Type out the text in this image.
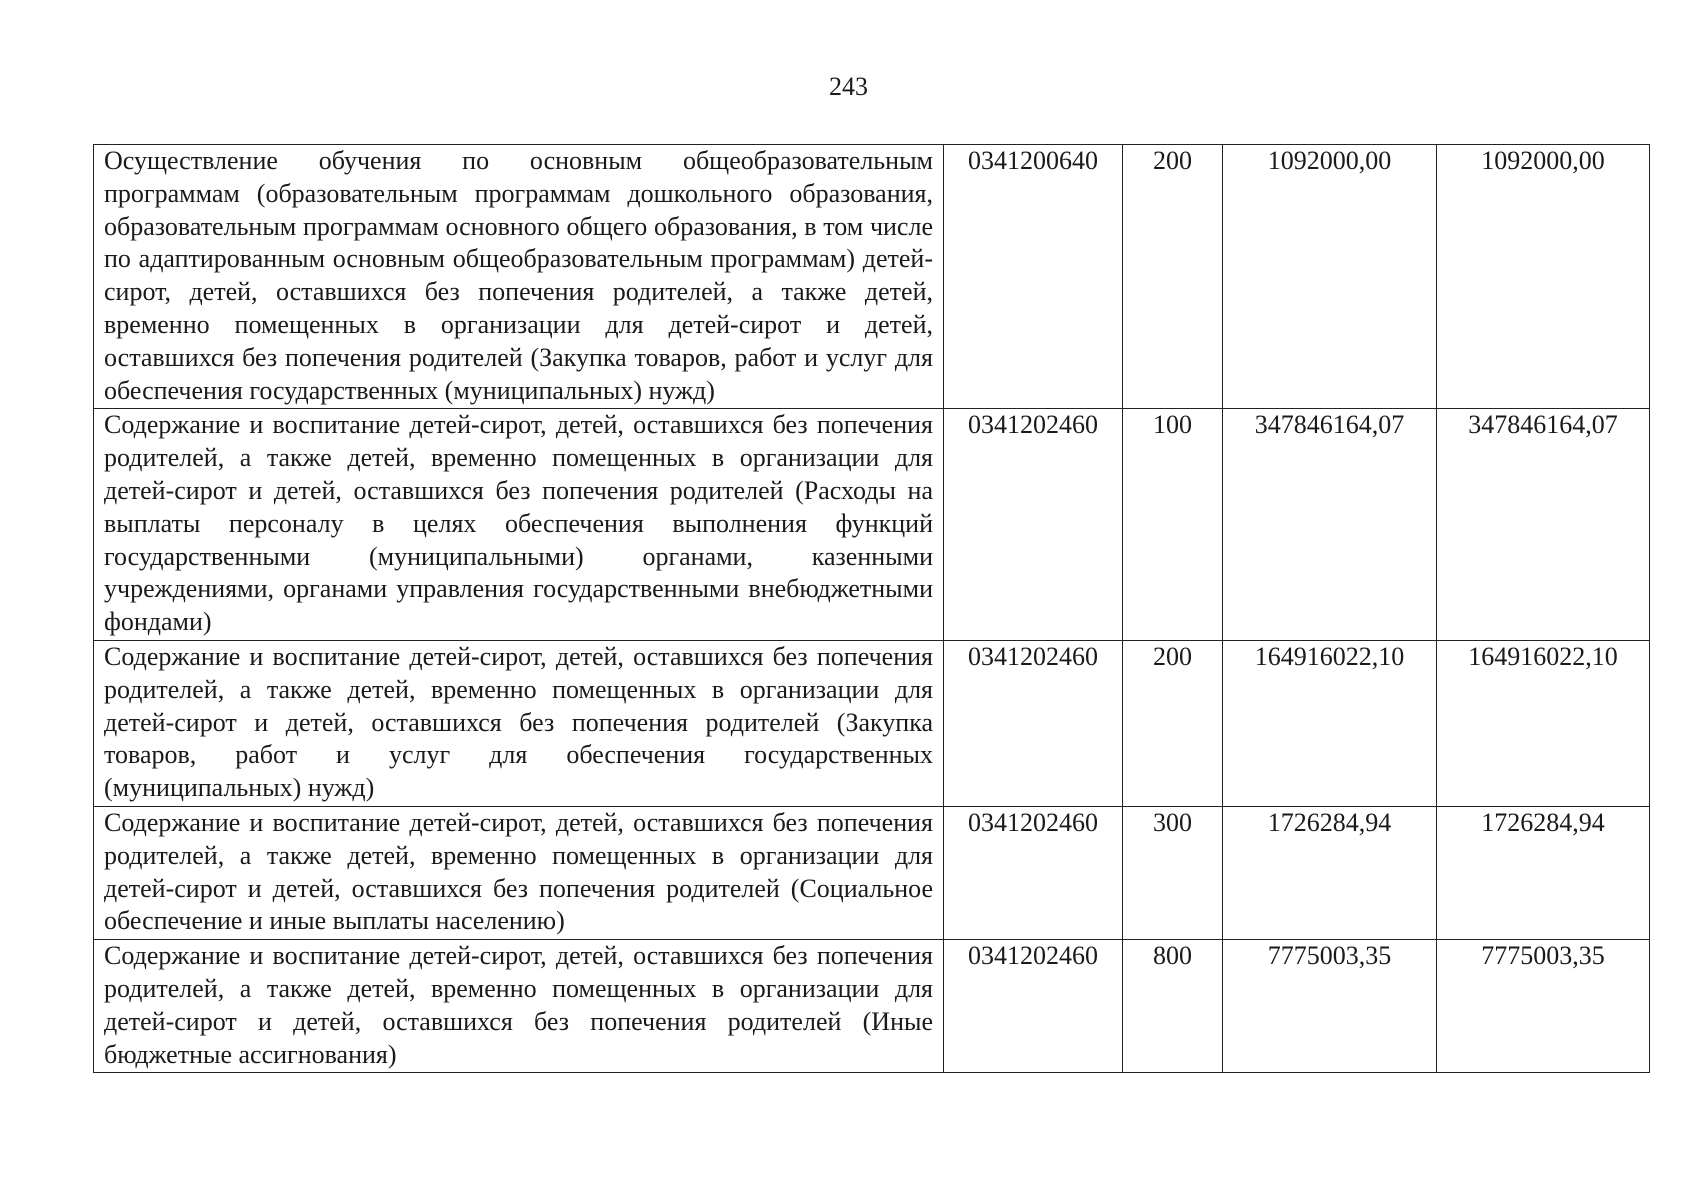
243
Осуществление обучения по основным общеобразовательным программам (образовательным программам дошкольного образования, образовательным программам основного общего образования, в том числе по адаптированным основным общеобразовательным программам) детей-сирот, детей, оставшихся без попечения родителей, а также детей, временно помещенных в организации для детей-сирот и детей, оставшихся без попечения родителей (Закупка товаров, работ и услуг для обеспечения государственных (муниципальных) нужд)	0341200640	200	1092000,00	1092000,00
Содержание и воспитание детей-сирот, детей, оставшихся без попечения родителей, а также детей, временно помещенных в организации для детей-сирот и детей, оставшихся без попечения родителей (Расходы на выплаты персоналу в целях обеспечения выполнения функций государственными (муниципальными) органами, казенными учреждениями, органами управления государственными внебюджетными фондами)	0341202460	100	347846164,07	347846164,07
Содержание и воспитание детей-сирот, детей, оставшихся без попечения родителей, а также детей, временно помещенных в организации для детей-сирот и детей, оставшихся без попечения родителей (Закупка товаров, работ и услуг для обеспечения государственных (муниципальных) нужд)	0341202460	200	164916022,10	164916022,10
Содержание и воспитание детей-сирот, детей, оставшихся без попечения родителей, а также детей, временно помещенных в организации для детей-сирот и детей, оставшихся без попечения родителей (Социальное обеспечение и иные выплаты населению)	0341202460	300	1726284,94	1726284,94
Содержание и воспитание детей-сирот, детей, оставшихся без попечения родителей, а также детей, временно помещенных в организации для детей-сирот и детей, оставшихся без попечения родителей (Иные бюджетные ассигнования)	0341202460	800	7775003,35	7775003,35
